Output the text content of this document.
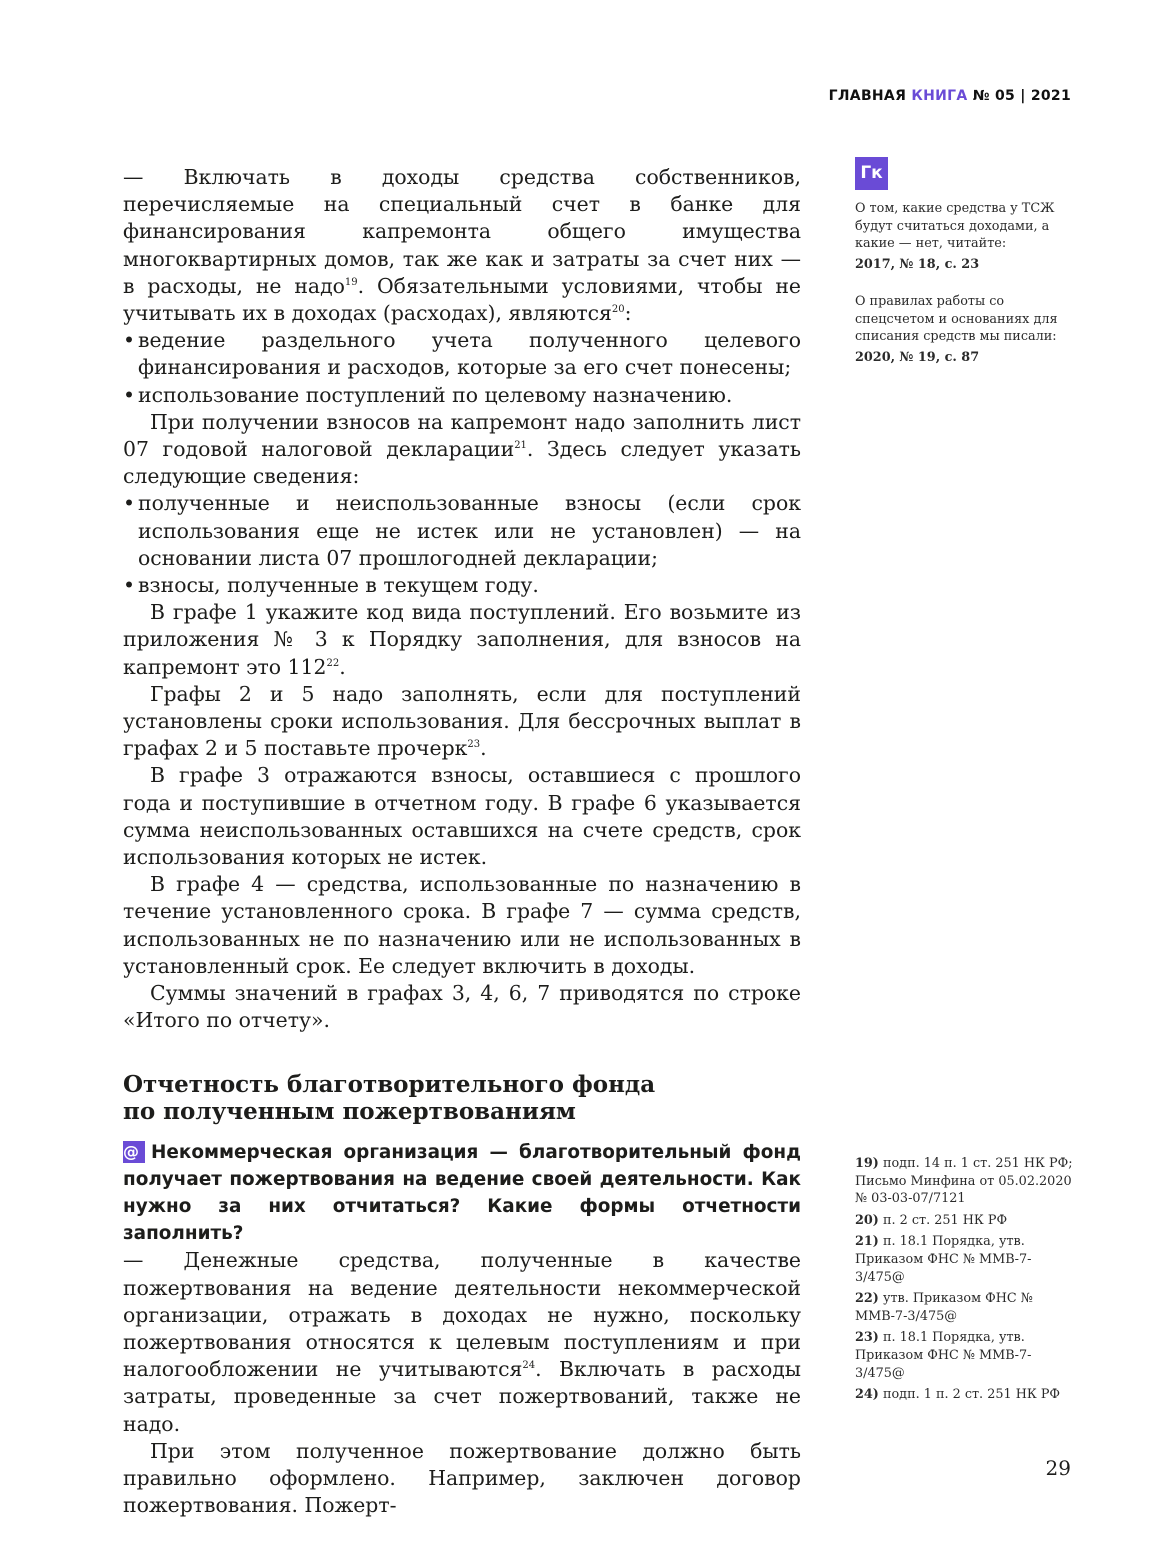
ГЛАВНАЯ КНИГА № 05 | 2021
Гк

— Включать в доходы средства собственников, перечисляемые на специальный счет в банке для финансирования капремонта общего имущества многоквартирных домов, так же как и затраты за счет них — в расходы, не надо$^{19}$. Обязательными условиями, чтобы не учитывать их в доходах (расходах), являются$^{20}$:

• ведение раздельного учета полученного целевого финансирования и расходов, которые за его счет понесены;
• использование поступлений по целевому назначению.

При получении взносов на капремонт надо заполнить лист 07 годовой налоговой декларации$^{21}$. Здесь следует указать следующие сведения:

• полученные и неиспользованные взносы (если срок использования еще не истек или не установлен) — на основании листа 07 прошлогодней декларации;
• взносы, полученные в текущем году.

В графе 1 укажите код вида поступлений. Его возьмите из приложения № 3 к Порядку заполнения, для взносов на капремонт это $112^{22}$.

Графы 2 и 5 надо заполнять, если для поступлений установлены сроки использования. Для бессрочных выплат в графах 2 и 5 поставьте прочерк$^{23}$.

В графе 3 отражаются взносы, оставшиеся с прошлого года и поступившие в отчетном году. В графе 6 указывается сумма неиспользованных оставшихся на счете средств, срок использования которых не истек.

В графе 4 — средства, использованные по назначению в течение установленного срока. В графе 7 — сумма средств, использованных не по назначению или не использованных в установленный срок. Ее следует включить в доходы.

Суммы значений в графах 3, 4, 6, 7 приводятся по строке «Итого по отчету».

Отчетность благотворительного фонда по полученным пожертвованиям

@ Некоммерческая организация — благотворительный фонд получает пожертвования на ведение своей деятельности. Как нужно за них отчитаться? Какие формы отчетности заполнить?

— Денежные средства, полученные в качестве пожертвования на ведение деятельности некоммерческой организации, отражать в доходах не нужно, поскольку пожертвования относятся к целевым поступлениям и при налогообложении не учитываются$^{24}$. Включать в расходы затраты, проведенные за счет пожертвований, также не надо.

При этом полученное пожертвование должно быть правильно оформлено. Например, заключен договор пожертвования. Пожерт-

О том, какие средства у ТСЖ будут считаться доходами, а какие — нет, читайте:

2017, № 18, с. 23

О правилах работы со спецсчетом и основаниях для списания средств мы писали:

2020, № 19, с. 87

19) подп. 14 п. 1 ст. 251 НК РФ; Письмо Минфина от 05.02.2020 № 03-03-07/7121
20) п. 2 ст. 251 НК РФ
21) п. 18.1 Порядка, утв. Приказом ФНС № ММВ-7-3/475@
22) утв. Приказом ФНС № ММВ-7-3/475@
23) п. 18.1 Порядка, утв. Приказом ФНС № ММВ-7-3/475@
24) подп. 1 п. 2 ст. 251 НК РФ
29
